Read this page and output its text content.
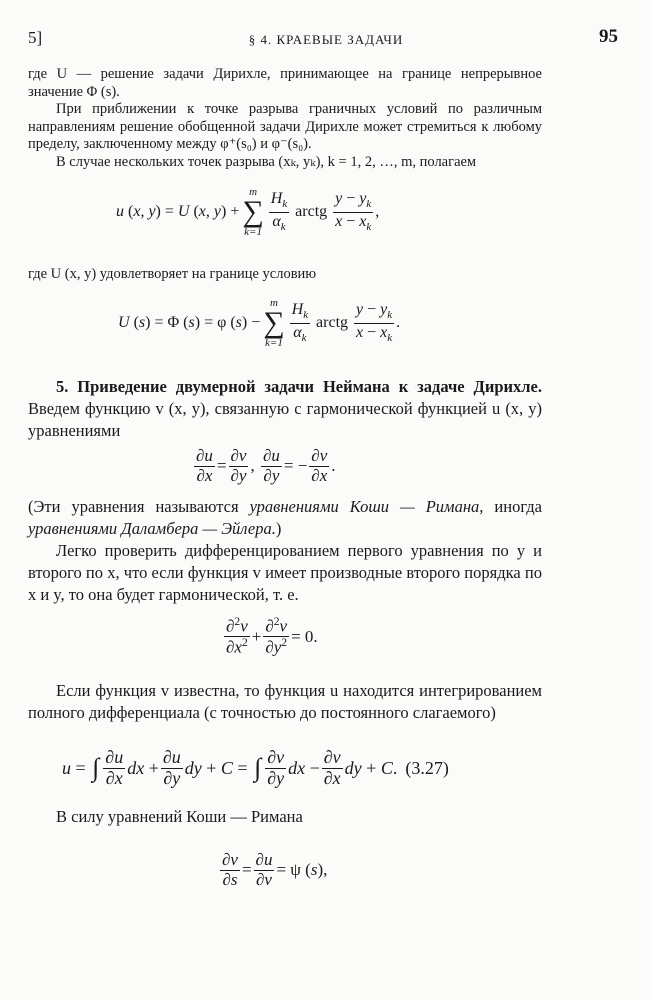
5]	§ 4. КРАЕВЫЕ ЗАДАЧИ	95

где U — решение задачи Дирихле, принимающее на границе непрерывное значение Φ (s).

При приближении к точке разрыва граничных условий по различным направлениям решение обобщенной задачи Дирихле может стремиться к любому пределу, заключенному между φ⁺(s₀) и φ⁻(s₀).

В случае нескольких точек разрыва (xₖ, yₖ), k = 1, 2, …, m, полагаем

u ( x , y ) = U ( x , y ) +
m
∑
$k=1 \frac{H_k}{\alpha_k}$ arctg $\frac{y - y_k}{x - x_k}$ ,
где U (x, y) удовлетворяет на границе условию
U ( s ) = Φ ( s ) = φ ( s ) −
m
∑
$k=1 \frac{H_k}{\alpha_k}$ arctg $\frac{y - y_k}{x - x_k}$ .

5. Приведение двумерной задачи Неймана к задаче Дирихле. Введем функцию v (x, y), связанную с гармонической функцией u (x, y) уравнениями

$\frac{\partial u}{\partial x} = \frac{\partial v}{\partial y}$ , $\frac{\partial u}{\partial y}$ = − $\frac{\partial v}{\partial x}$ .

(Эти уравнения называются уравнениями Коши — Римана, иногда уравнениями Даламбера — Эйлера.)

Легко проверить дифференцированием первого уравнения по y и второго по x, что если функция v имеет производные второго порядка по x и y, то она будет гармонической, т. е.

$\frac{\partial^2v}{\partial x^2} + \frac{\partial^2v}{\partial y^2} = 0$.

Если функция v известна, то функция u находится интегрированием полного дифференциала (с точностью до постоянного слагаемого)

u = ∫ $\frac{\partial u}{\partial x}$ dx + $\frac{\partial u}{\partial y}$ dy + C = ∫ $\frac{\partial v}{\partial y}$ dx − $\frac{\partial v}{\partial x}$ dy + C . (3.27)

В силу уравнений Коши — Римана

$\frac{\partial v}{\partial s} = \frac{\partial u}{\partial\nu} = \psi$ ( s ),
